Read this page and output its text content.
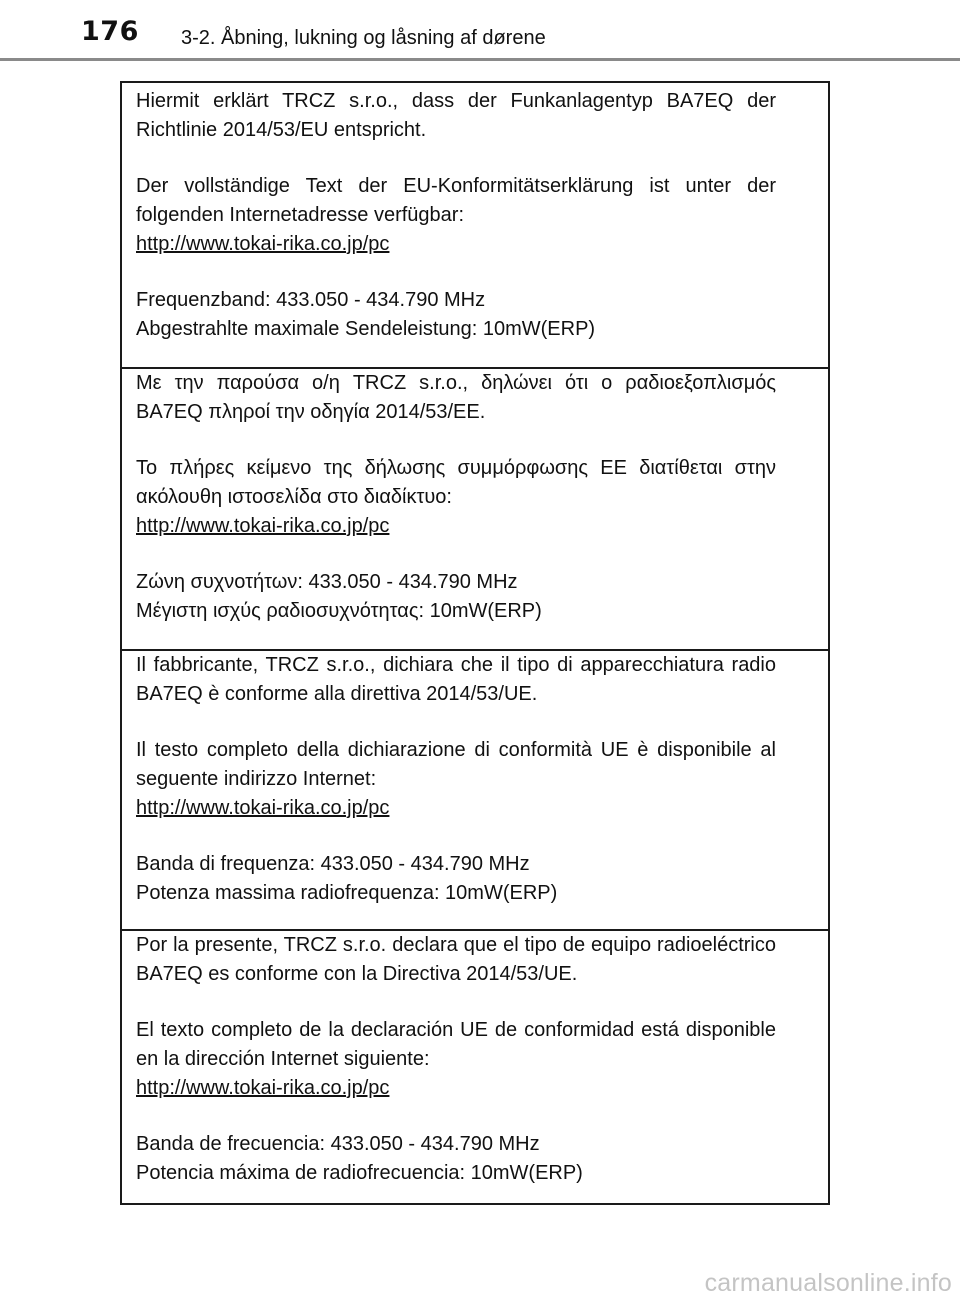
176 3-2. Åbning, lukning og låsning af dørene

Hiermit erklärt TRCZ s.r.o., dass der Funkanlagentyp BA7EQ der Richtlinie 2014/53/EU entspricht.

Der vollständige Text der EU-Konformitätserklärung ist unter der folgenden Internetadresse verfügbar:

http://www.tokai-rika.co.jp/pc

Frequenzband: 433.050 - 434.790 MHz

Abgestrahlte maximale Sendeleistung: 10mW(ERP)

Με την παρούσα ο/η TRCZ s.r.o., δηλώνει ότι ο ραδιοεξοπλισμός BA7EQ πληροί την οδηγία 2014/53/ΕΕ.

Το πλήρες κείμενο της δήλωσης συμμόρφωσης ΕΕ διατίθεται στην ακόλουθη ιστοσελίδα στο διαδίκτυο:

http://www.tokai-rika.co.jp/pc

Ζώνη συχνοτήτων: 433.050 - 434.790 MHz

Μέγιστη ισχύς ραδιοσυχνότητας: 10mW(ERP)

Il fabbricante, TRCZ s.r.o., dichiara che il tipo di apparecchiatura radio BA7EQ è conforme alla direttiva 2014/53/UE.

Il testo completo della dichiarazione di conformità UE è disponibile al seguente indirizzo Internet:

http://www.tokai-rika.co.jp/pc

Banda di frequenza: 433.050 - 434.790 MHz

Potenza massima radiofrequenza: 10mW(ERP)

Por la presente, TRCZ s.r.o. declara que el tipo de equipo radioeléctrico BA7EQ es conforme con la Directiva 2014/53/UE.

El texto completo de la declaración UE de conformidad está disponible en la dirección Internet siguiente:

http://www.tokai-rika.co.jp/pc

Banda de frecuencia: 433.050 - 434.790 MHz

Potencia máxima de radiofrecuencia: 10mW(ERP)

carmanualsonline.info
